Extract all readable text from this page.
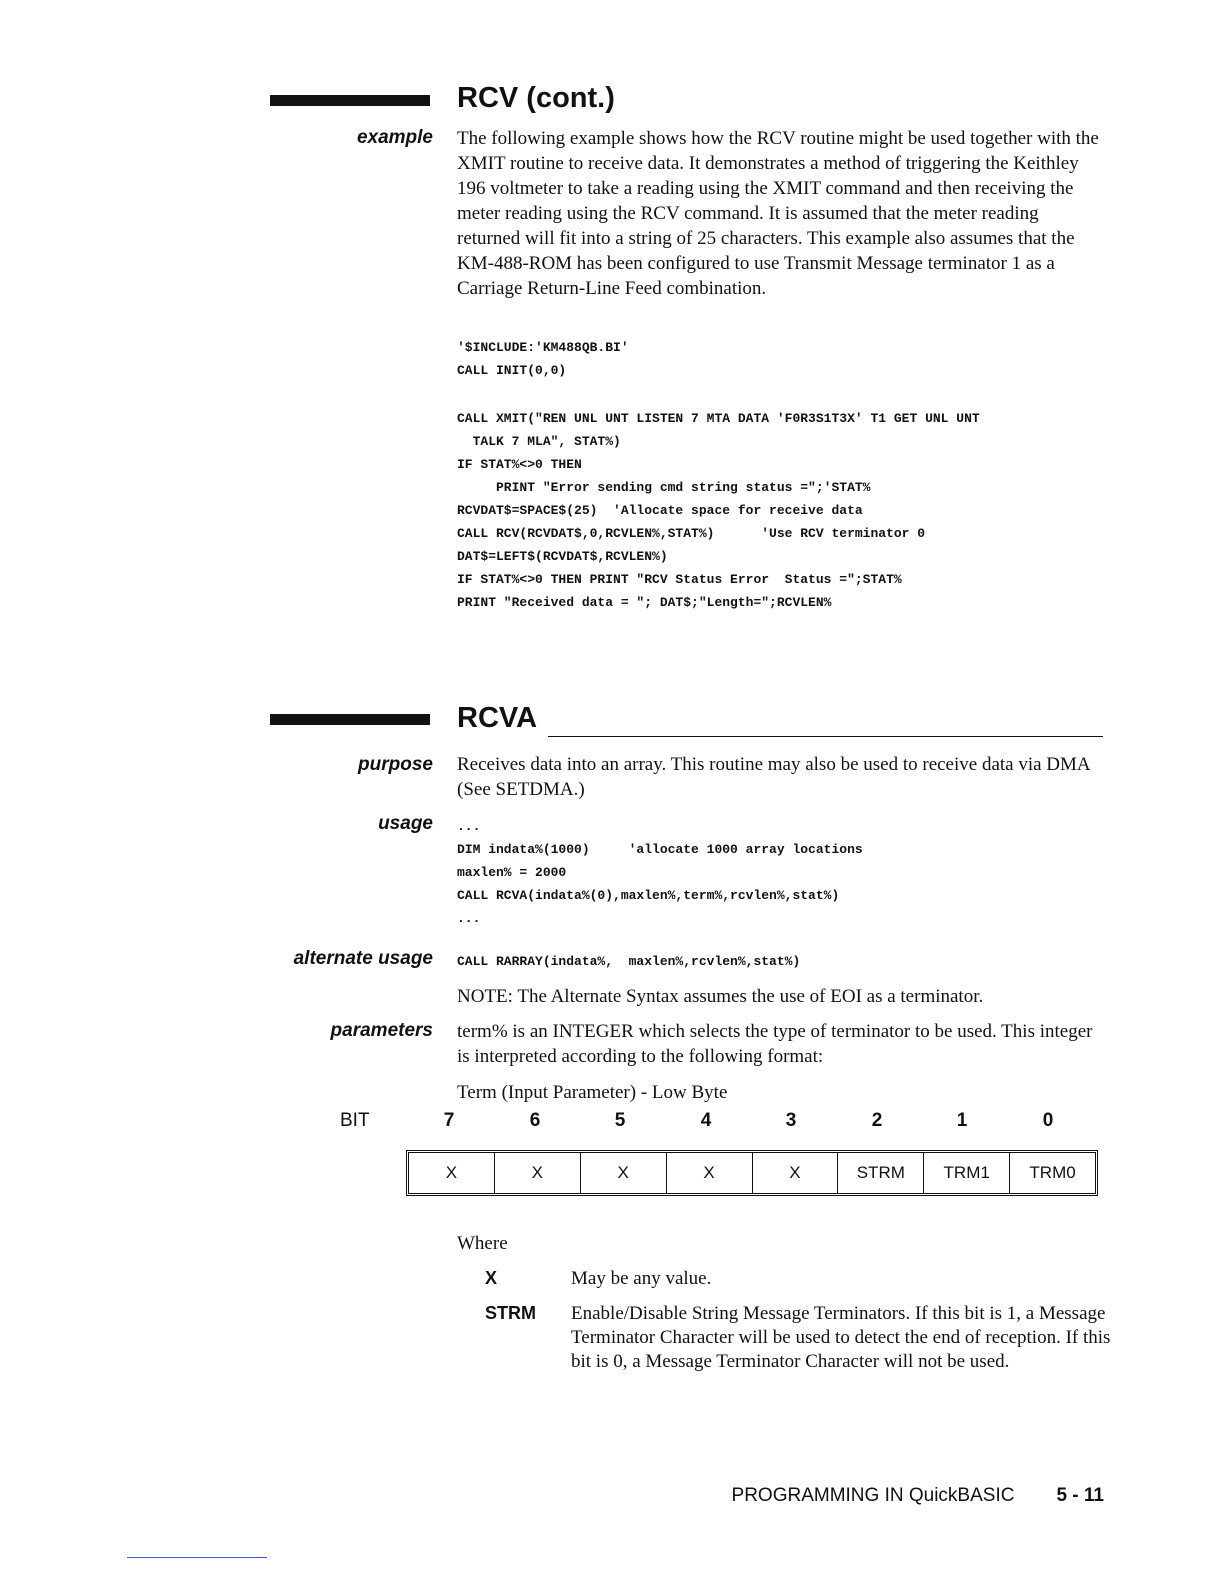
RCV (cont.)
example The following example shows how the RCV routine might be used together with the XMIT routine to receive data. It demonstrates a method of triggering the Keithley 196 voltmeter to take a reading using the XMIT command and then receiving the meter reading using the RCV command. It is assumed that the meter reading returned will fit into a string of 25 characters. This example also assumes that the KM-488-ROM has been configured to use Transmit Message terminator 1 as a Carriage Return-Line Feed combination.
'$INCLUDE:'KM488QB.BI'
CALL INIT(0,0)
CALL XMIT("REN UNL UNT LISTEN 7 MTA DATA 'F0R3S1T3X' T1 GET UNL UNT
TALK 7 MLA", STAT%)
IF STAT%<>0 THEN
PRINT "Error sending cmd string status =";'STAT%
RCVDAT$=SPACE$(25)  'Allocate space for receive data
CALL RCV(RCVDAT$,0,RCVLEN%,STAT%)      'Use RCV terminator 0
DAT$=LEFT$(RCVDAT$,RCVLEN%)
IF STAT%<>0 THEN PRINT "RCV Status Error  Status =";STAT%
PRINT "Received data = "; DAT$;"Length=";RCVLEN%
RCVA
purpose Receives data into an array. This routine may also be used to receive data via DMA (See SETDMA.)
usage ...
DIM indata%(1000)     'allocate 1000 array locations
maxlen% = 2000
CALL RCVA(indata%(0),maxlen%,term%,rcvlen%,stat%)
...
alternate usage CALL RARRAY(indata%,  maxlen%,rcvlen%,stat%)
NOTE: The Alternate Syntax assumes the use of EOI as a terminator.
parameters term% is an INTEGER which selects the type of terminator to be used. This integer is interpreted according to the following format:
Term (Input Parameter) - Low Byte
BIT	7	6	5	4	3	2	1	0
X	X	X	X	X	STRM	TRM1	TRM0
Where
X	May be any value.
STRM Enable/Disable String Message Terminators. If this bit is 1, a Message Terminator Character will be used to detect the end of reception. If this bit is 0, a Message Terminator Character will not be used.
PROGRAMMING IN QuickBASIC 5 - 11
